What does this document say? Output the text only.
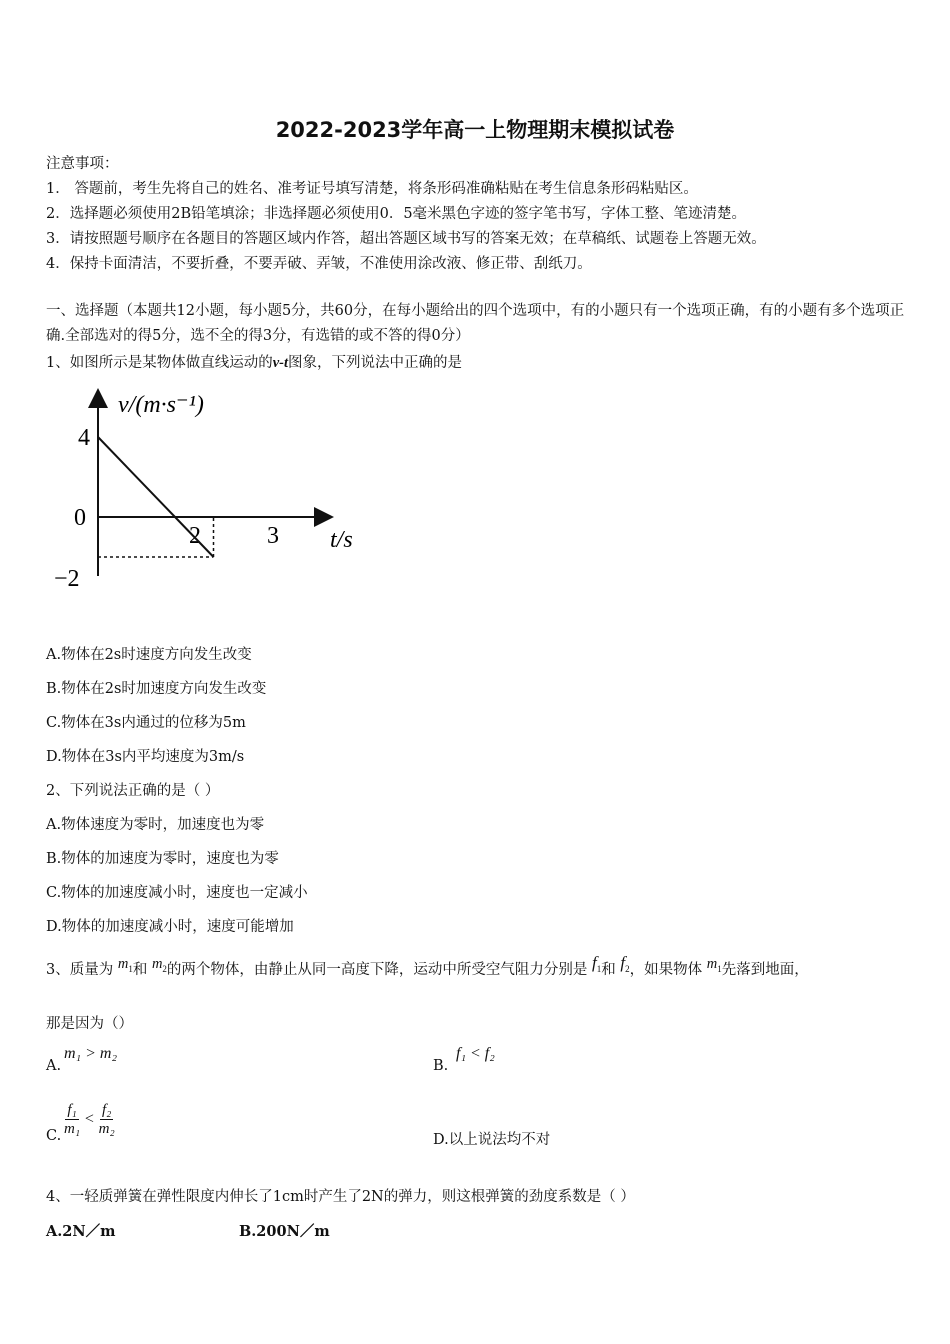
2022-2023学年高一上物理期末模拟试卷
注意事项：
1． 答题前，考生先将自己的姓名、准考证号填写清楚，将条形码准确粘贴在考生信息条形码粘贴区。
2．选择题必须使用2B铅笔填涂；非选择题必须使用0．5毫米黑色字迹的签字笔书写，字体工整、笔迹清楚。
3．请按照题号顺序在各题目的答题区域内作答，超出答题区域书写的答案无效；在草稿纸、试题卷上答题无效。
4．保持卡面清洁，不要折叠，不要弄破、弄皱，不准使用涂改液、修正带、刮纸刀。
一、选择题（本题共12小题，每小题5分，共60分，在每小题给出的四个选项中，有的小题只有一个选项正确，有的小题有多个选项正确.全部选对的得5分，选不全的得3分，有选错的或不答的得0分）
1、如图所示是某物体做直线运动的v-t图象，下列说法中正确的是
v/(m·s⁻¹)
t/s
4
0
−2
2	3
A.物体在2s时速度方向发生改变
B.物体在2s时加速度方向发生改变
C.物体在3s内通过的位移为5m
D.物体在3s内平均速度为3m/s
2、下列说法正确的是（ ）
A.物体速度为零时，加速度也为零
B.物体的加速度为零时，速度也为零
C.物体的加速度减小时，速度也一定减小
D.物体的加速度减小时，速度可能增加
3、质量为 $m_1$和 $m_2$的两个物体，由静止从同一高度下降，运动中所受空气阻力分别是 $f_1$和 $f_2$，如果物体 $m_1$先落到地面，
那是因为（）
A.
m₁ > m₂
B.
f₁ < f₂
C. $\frac{\text{f₁}}{\text{m₁}} < \frac{\text{f₂}}{\text{m₂}}$
D.以上说法均不对
4、一轻质弹簧在弹性限度内伸长了1cm时产生了2N的弹力，则这根弹簧的劲度系数是（ ）
A.2N／m	B.200N／m
